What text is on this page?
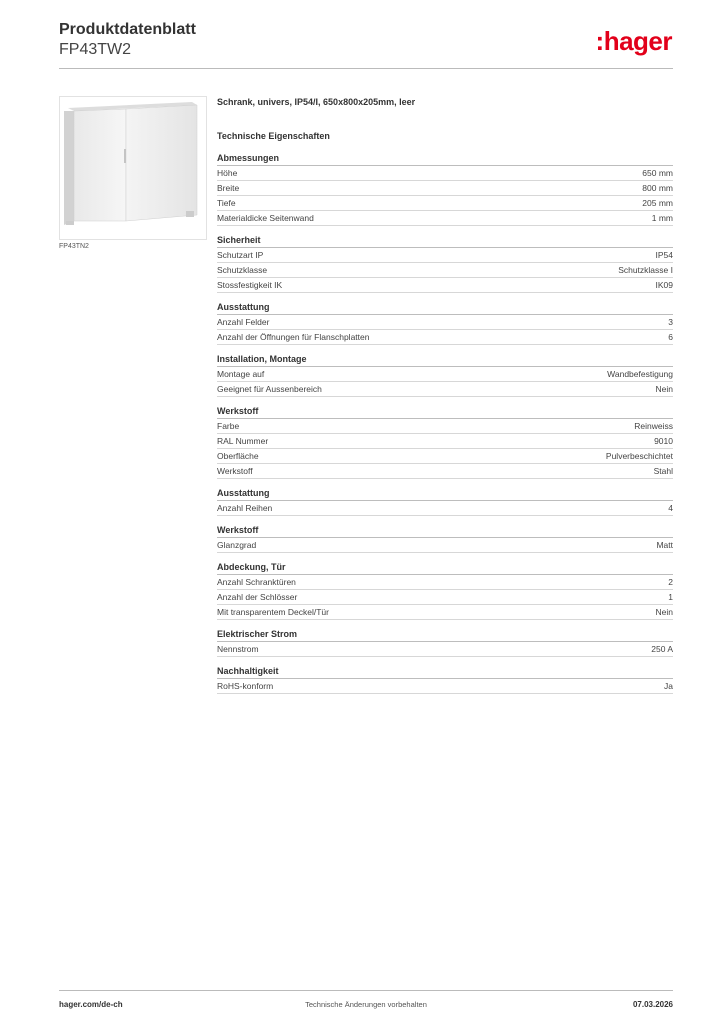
Produktdatenblatt
FP43TW2	:hager
FP43TN2
Schrank, univers, IP54/I, 650x800x205mm, leer
Technische Eigenschaften
Abmessungen
Höhe	650 mm
Breite	800 mm
Tiefe	205 mm
Materialdicke Seitenwand	1 mm
Sicherheit
Schutzart IP	IP54
Schutzklasse	Schutzklasse I
Stossfestigkeit IK	IK09
Ausstattung
Anzahl Felder	3
Anzahl der Öffnungen für Flanschplatten	6
Installation, Montage
Montage auf	Wandbefestigung
Geeignet für Aussenbereich	Nein
Werkstoff
Farbe	Reinweiss
RAL Nummer	9010
Oberfläche	Pulverbeschichtet
Werkstoff	Stahl
Ausstattung
Anzahl Reihen	4
Werkstoff
Glanzgrad	Matt
Abdeckung, Tür
Anzahl Schranktüren	2
Anzahl der Schlösser	1
Mit transparentem Deckel/Tür	Nein
Elektrischer Strom
Nennstrom	250 A
Nachhaltigkeit
RoHS-konform	Ja
hager.com/de-ch	Technische Änderungen vorbehalten	07.03.2026
